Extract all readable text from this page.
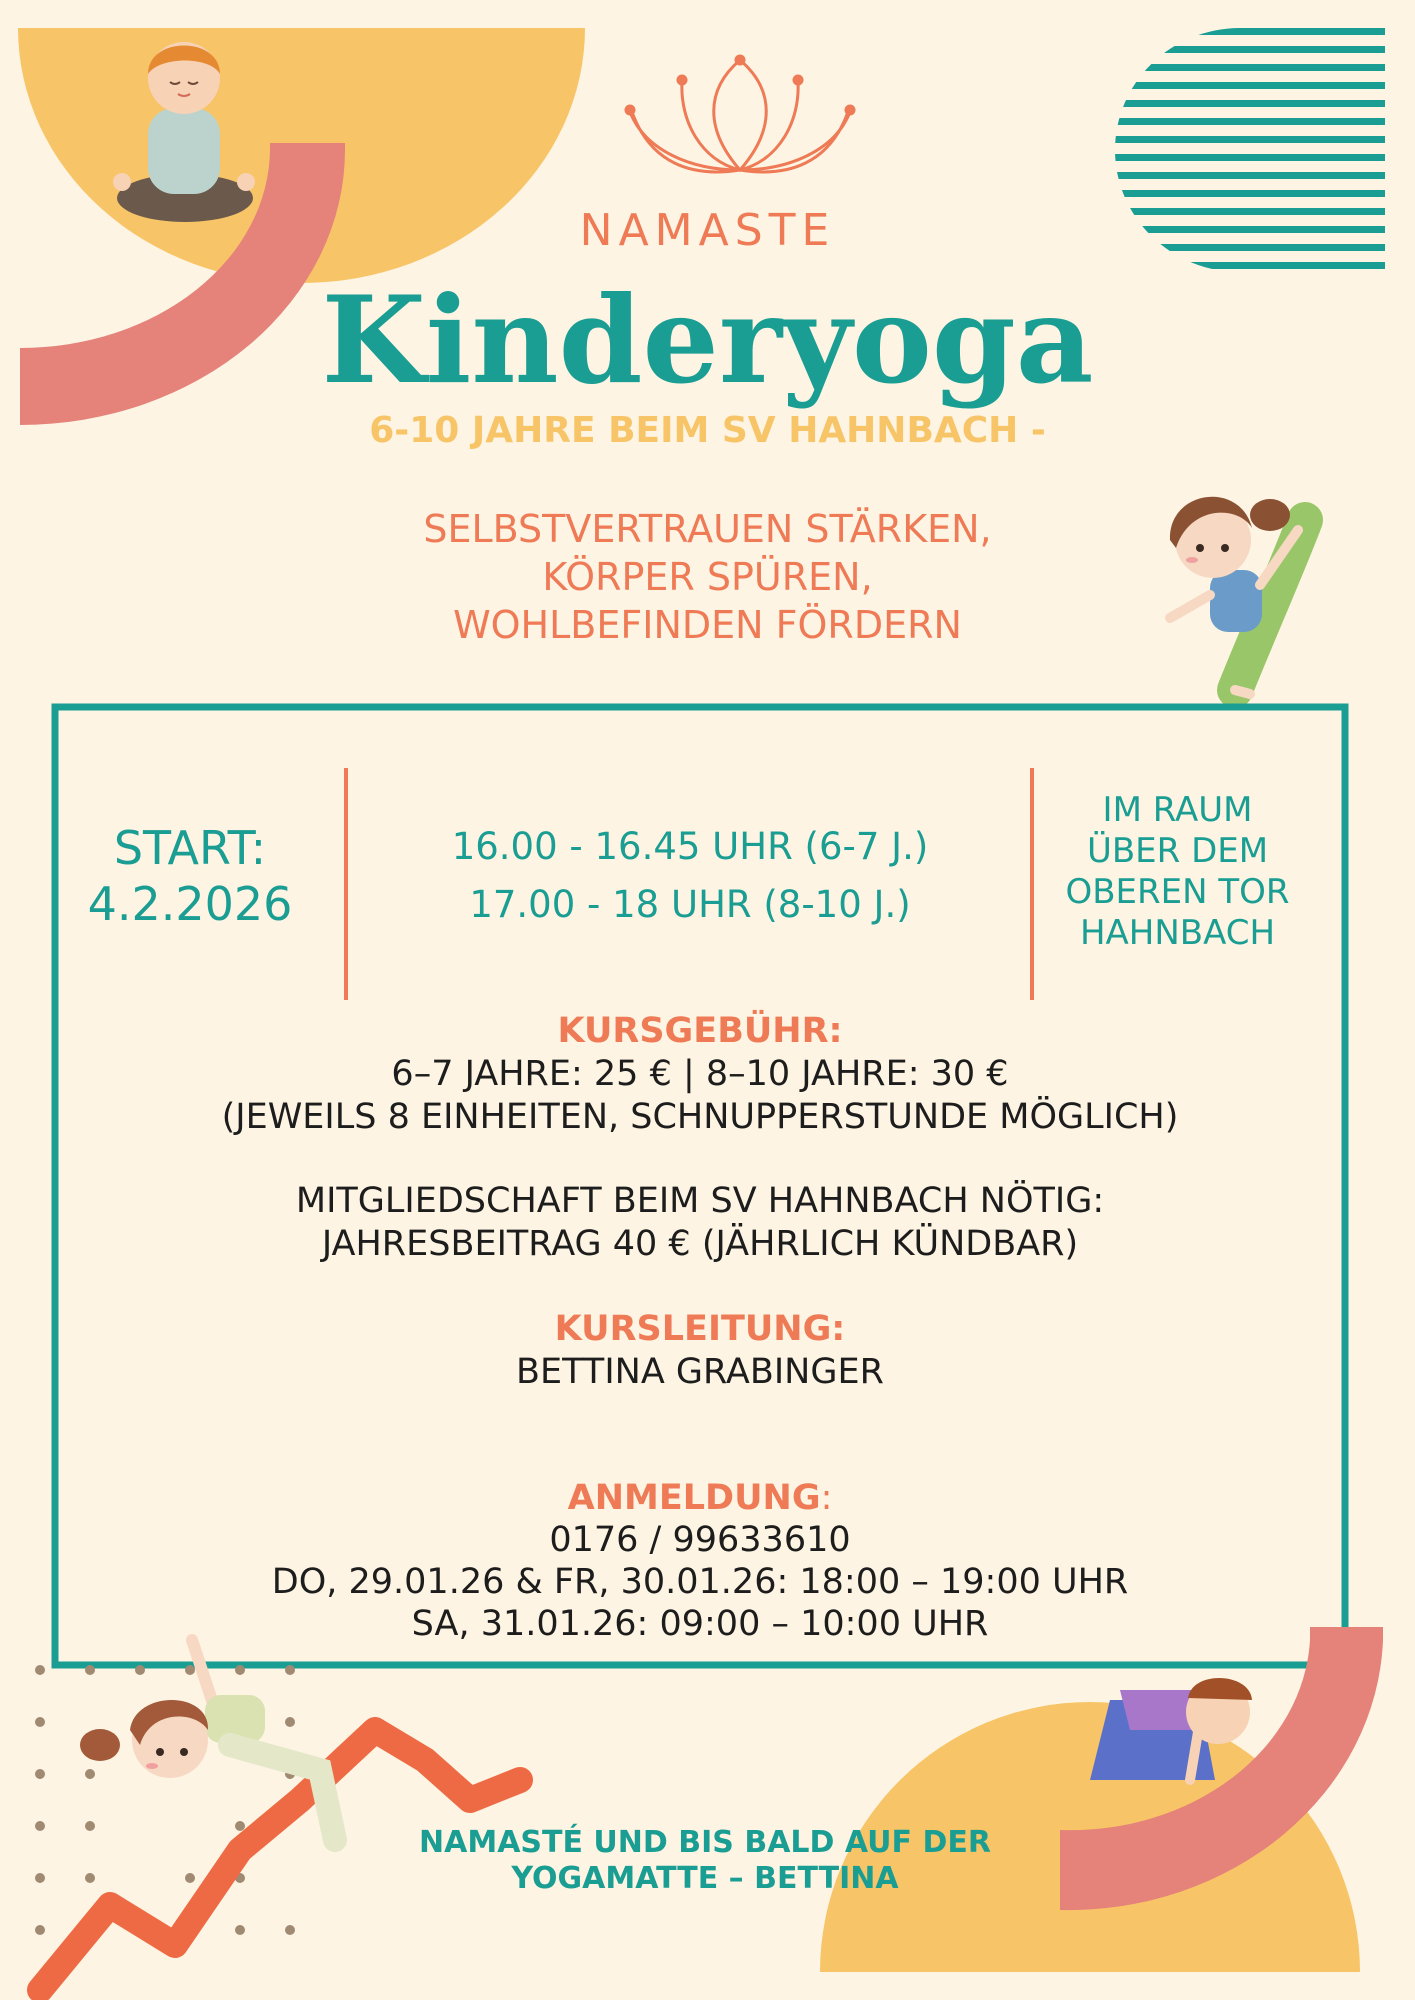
NAMASTE
Kinderyoga
6-10 JAHRE BEIM SV HAHNBACH -
SELBSTVERTRAUEN STÄRKEN,
KÖRPER SPÜREN,
WOHLBEFINDEN FÖRDERN
START:
4.2.2026
16.00 - 16.45 UHR (6-7 J.)
17.00 - 18 UHR (8-10 J.)
IM RAUM
ÜBER DEM
OBEREN TOR
HAHNBACH
KURSGEBÜHR:
6–7 JAHRE: 25 € | 8–10 JAHRE: 30 €
(JEWEILS 8 EINHEITEN, SCHNUPPERSTUNDE MÖGLICH)
MITGLIEDSCHAFT BEIM SV HAHNBACH NÖTIG:
JAHRESBEITRAG 40 € (JÄHRLICH KÜNDBAR)
KURSLEITUNG:
BETTINA GRABINGER
ANMELDUNG:
0176 / 99633610
DO, 29.01.26 & FR, 30.01.26: 18:00 – 19:00 UHR
SA, 31.01.26: 09:00 – 10:00 UHR
NAMASTÉ UND BIS BALD AUF DER
YOGAMATTE – BETTINA
